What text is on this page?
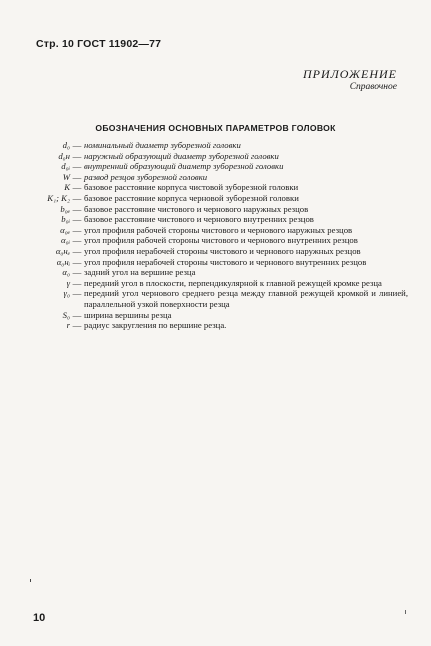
Стр. 10 ГОСТ 11902—77
ПРИЛОЖЕНИЕ
Справочное
ОБОЗНАЧЕНИЯ ОСНОВНЫХ ПАРАМЕТРОВ ГОЛОВОК
d₀ — номинальный диаметр зуборезной головки
d₀н — наружный образующий диаметр зуборезной головки
d₀ᵢ — внутренний образующий диаметр зуборезной головки
W — развод резцов зуборезной головки
K — базовое расстояние корпуса чистовой зуборезной головки
K₁; K₂ — базовое расстояние корпуса черновой зуборезной головки
b₀ₑ — базовое расстояние чистового и чернового наружных резцов
b₀ᵢ — базовое расстояние чистового и чернового внутренних резцов
α₀ₑ — угол профиля рабочей стороны чистового и чернового наружных резцов
α₀ᵢ — угол профиля рабочей стороны чистового и чернового внутренних резцов
α₀нₑ — угол профиля нерабочей стороны чистового и чернового наружных резцов
α₀нᵢ — угол профиля нерабочей стороны чистового и чернового внутренних резцов
α₀ — задний угол на вершине резца
γ — передний угол в плоскости, перпендикулярной к главной режущей кромке резца
γ₀ — передний угол чернового среднего резца между главной режущей кромкой и линией, параллельной узкой поверхности резца
S₀ — ширина вершины резца
r — радиус закругления по вершине резца.
10
